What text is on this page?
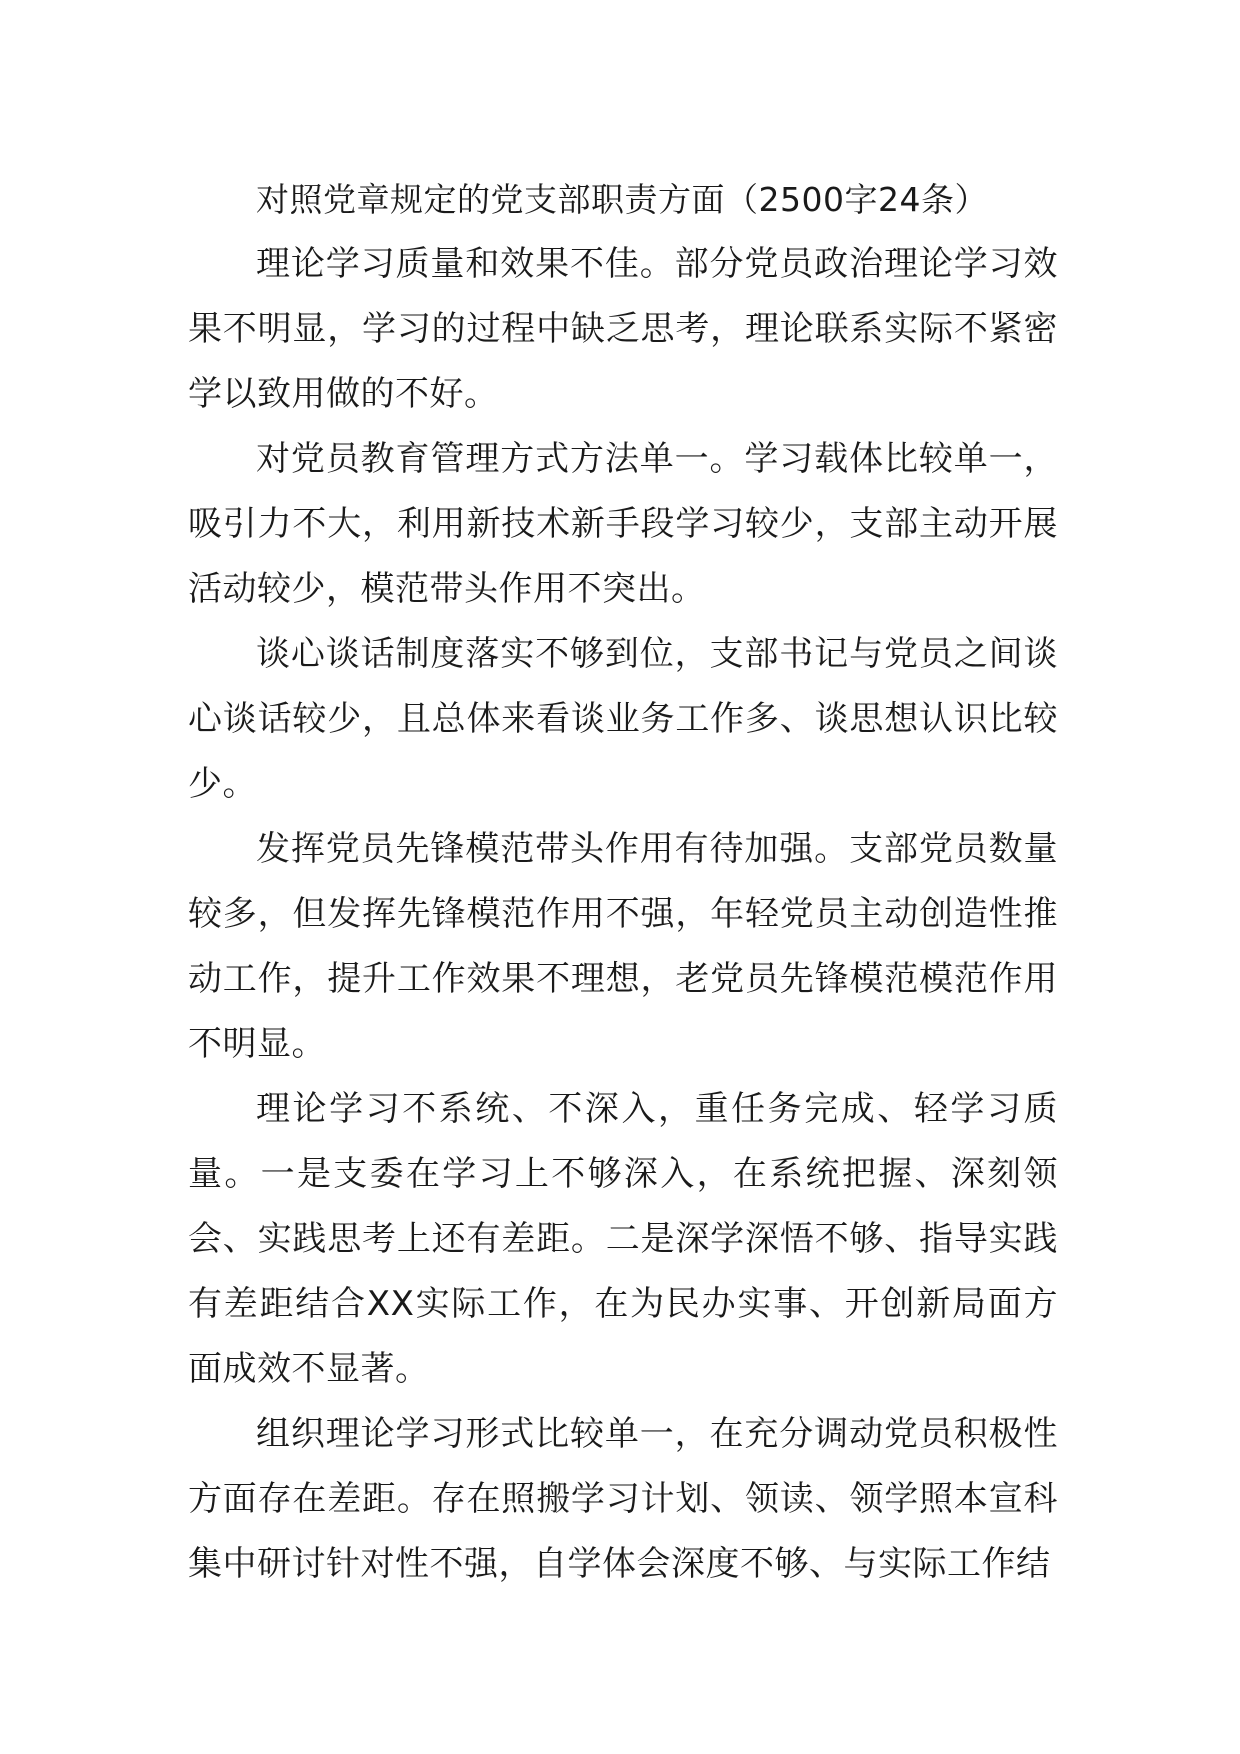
对照党章规定的党支部职责方面（2500字24条）

理论学习质量和效果不佳。部分党员政治理论学习效果不明显，学习的过程中缺乏思考，理论联系实际不紧密学以致用做的不好。

对党员教育管理方式方法单一。学习载体比较单一，吸引力不大，利用新技术新手段学习较少，支部主动开展活动较少，模范带头作用不突出。

谈心谈话制度落实不够到位，支部书记与党员之间谈心谈话较少，且总体来看谈业务工作多、谈思想认识比较少。

发挥党员先锋模范带头作用有待加强。支部党员数量较多，但发挥先锋模范作用不强，年轻党员主动创造性推动工作，提升工作效果不理想，老党员先锋模范模范作用不明显。

理论学习不系统、不深入，重任务完成、轻学习质量。一是支委在学习上不够深入，在系统把握、深刻领会、实践思考上还有差距。二是深学深悟不够、指导实践有差距结合XX实际工作，在为民办实事、开创新局面方面成效不显著。

组织理论学习形式比较单一，在充分调动党员积极性方面存在差距。存在照搬学习计划、领读、领学照本宣科集中研讨针对性不强，自学体会深度不够、与实际工作结
